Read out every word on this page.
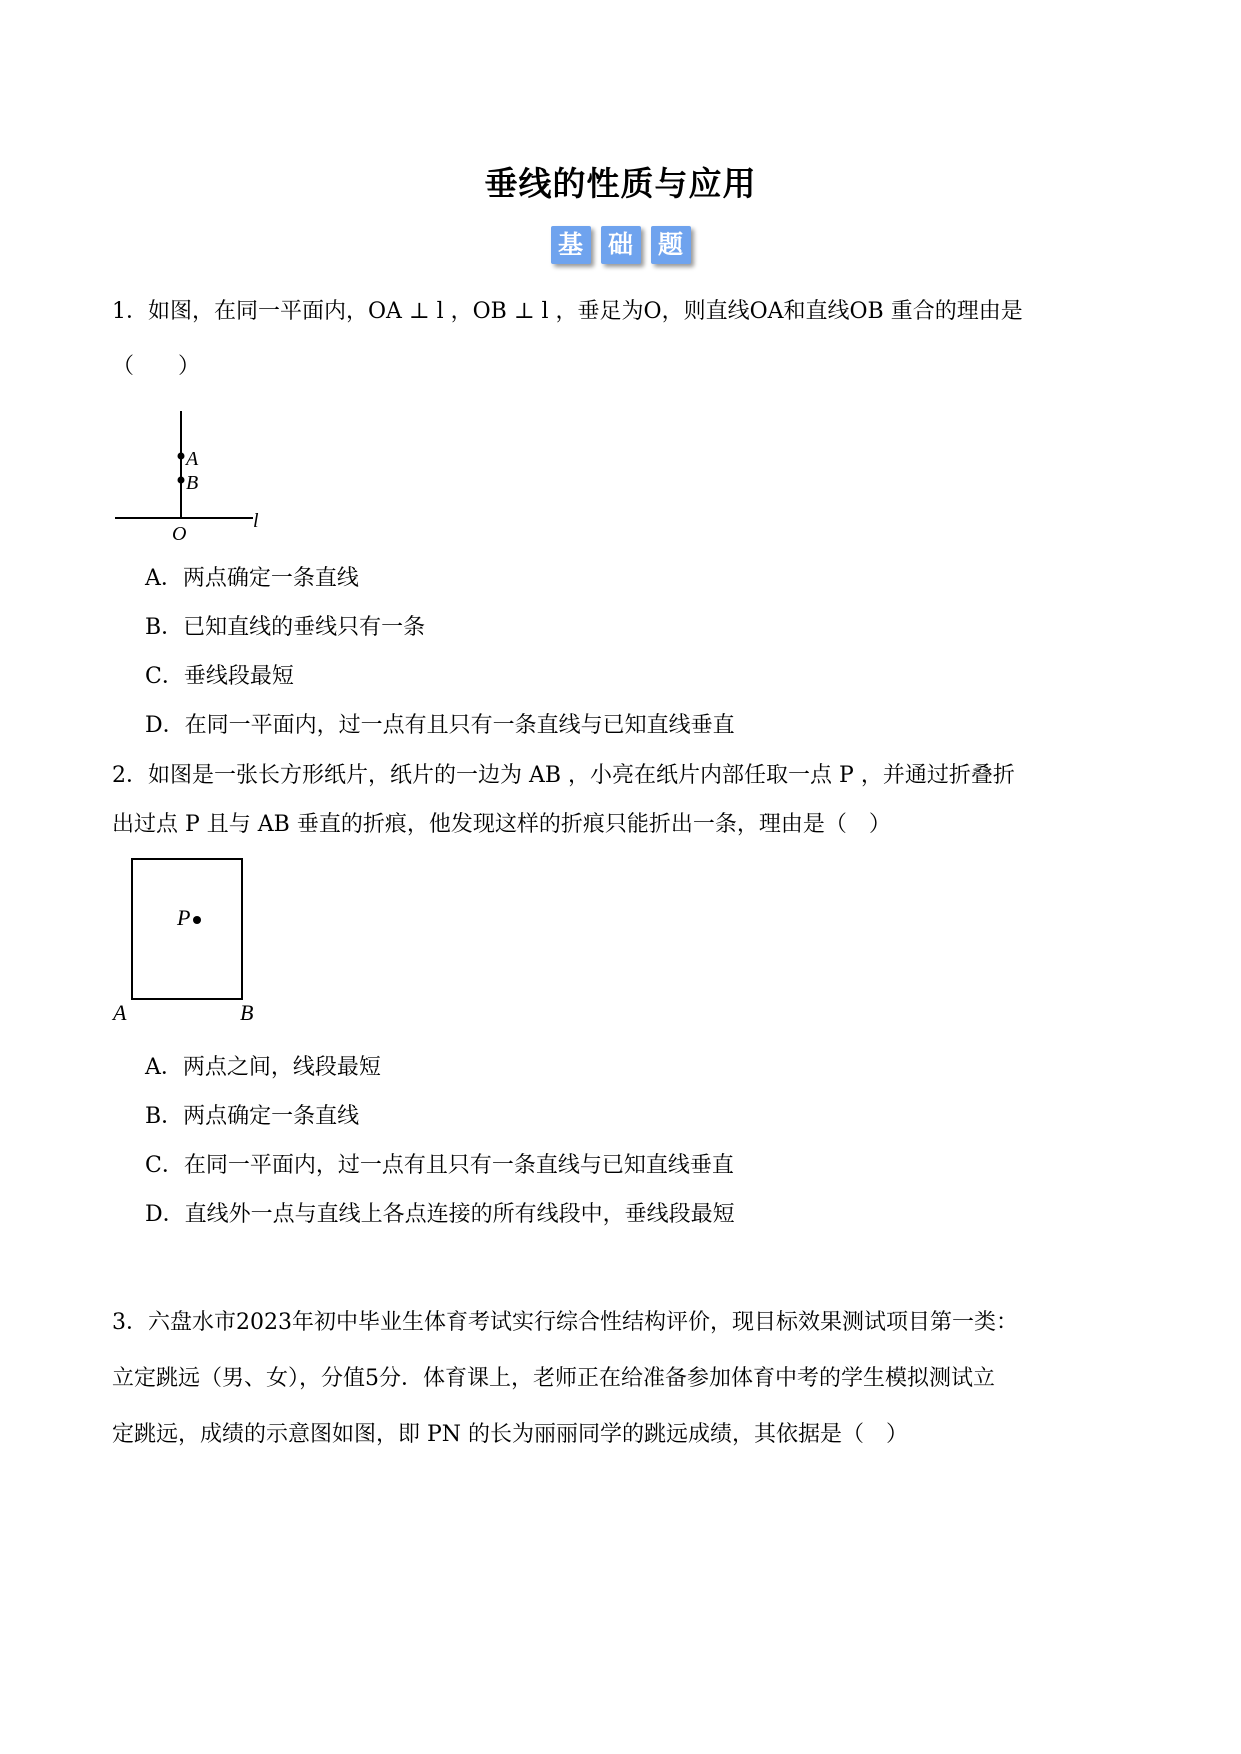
垂线的性质与应用
基 础 题
1．如图，在同一平面内，OA ⊥ l ，OB ⊥ l ，垂足为O，则直线OA和直线OB 重合的理由是
（　　）
A
B
O
l
A．两点确定一条直线
B．已知直线的垂线只有一条
C．垂线段最短
D．在同一平面内，过一点有且只有一条直线与已知直线垂直
2．如图是一张长方形纸片，纸片的一边为 AB ，小亮在纸片内部任取一点 P ，并通过折叠折
出过点 P 且与 AB 垂直的折痕，他发现这样的折痕只能折出一条，理由是（　）
P
A	B
A．两点之间，线段最短
B．两点确定一条直线
C．在同一平面内，过一点有且只有一条直线与已知直线垂直
D．直线外一点与直线上各点连接的所有线段中，垂线段最短
3．六盘水市2023年初中毕业生体育考试实行综合性结构评价，现目标效果测试项目第一类：
立定跳远（男、女），分值5分．体育课上，老师正在给准备参加体育中考的学生模拟测试立
定跳远，成绩的示意图如图，即 PN 的长为丽丽同学的跳远成绩，其依据是（　）
